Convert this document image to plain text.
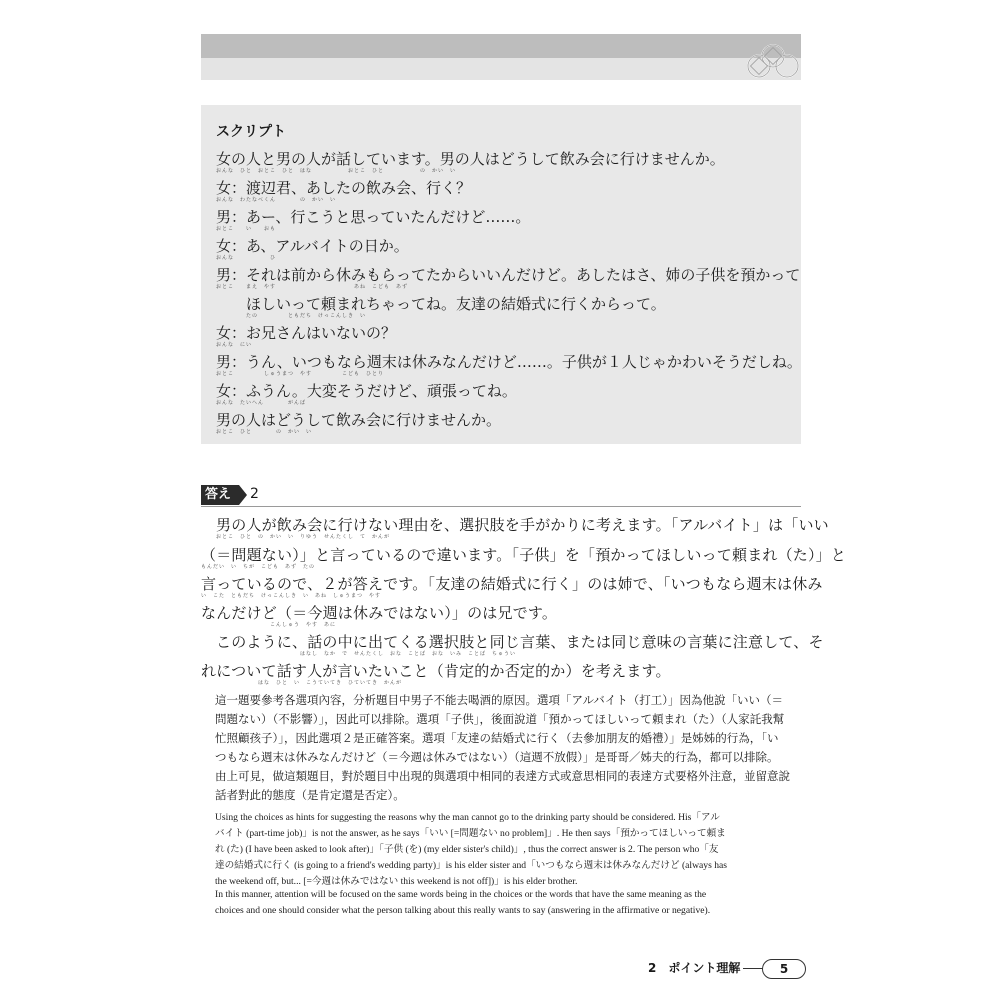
スクリプト
女の人と男の人が話しています。男の人はどうして飲み会に行けませんか。
おんな　ひと　おとこ　ひと　はな　　　　　　おとこ　ひと　　　　　　の　かい　い
女：渡辺君、あしたの飲み会、行く？
おんな　わたなべくん　　　　の　かい　い
男：あー、行こうと思っていたんだけど……。
おとこ　　い　　おも
女：あ、アルバイトの日か。
おんな　　　　　　ひ
男：それは前から休みもらってたからいいんだけど。あしたはさ、姉の子供を預かって
おとこ　　まえ　やす　　　　　　　　　　　　　あね　こども　あず
ほしいって頼まれちゃってね。友達の結婚式に行くからって。
たの　　　　　ともだち　けっこんしき　い
女：お兄さんはいないの？
おんな　にい
男：うん、いつもなら週末は休みなんだけど……。子供が１人じゃかわいそうだしね。
おとこ　　　　　しゅうまつ　やす　　　　　こども　ひとり
女：ふうん。大変そうだけど、頑張ってね。
おんな　たいへん　　　　がんば
男の人はどうして飲み会に行けませんか。
おとこ　ひと　　　　の　かい　い
答え	2
男の人が飲み会に行けない理由を、選択肢を手がかりに考えます。「アルバイト」は「いい
おとこ　ひと　の　かい　い　りゆう　せんたくし　て　かんが
（＝問題ない）」と言っているので違います。「子供」を「預かってほしいって頼まれ（た）」と
もんだい　い　ちが　こども　あず　たの
言っているので、２が答えです。「友達の結婚式に行く」のは姉で、「いつもなら週末は休み
い　こた　ともだち　けっこんしき　い　あね　しゅうまつ　やす
なんだけど（＝今週は休みではない）」のは兄です。
こんしゅう　やす　あに
このように、話の中に出てくる選択肢と同じ言葉、または同じ意味の言葉に注意して、そ
はなし　なか　で　せんたくし　おな　ことば　おな　いみ　ことば　ちゅうい
れについて話す人が言いたいこと（肯定的か否定的か）を考えます。
はな　ひと　い　こうていてき　ひていてき　かんが
這一題要參考各選項內容，分析題目中男子不能去喝酒的原因。選項「アルバイト（打工）」因為他說「いい（＝
問題ない）（不影響）」，因此可以排除。選項「子供」，後面說道「預かってほしいって頼まれ（た）（人家託我幫
忙照顧孩子）」，因此選項２是正確答案。選項「友達の結婚式に行く（去參加朋友的婚禮）」是姊姊的行為，「い
つもなら週末は休みなんだけど（＝今週は休みではない）（這週不放假）」是哥哥／姊夫的行為，都可以排除。
由上可見，做這類題目，對於題目中出現的與選項中相同的表達方式或意思相同的表達方式要格外注意，並留意說
話者對此的態度（是肯定還是否定）。
Using the choices as hints for suggesting the reasons why the man cannot go to the drinking party should be considered. His「アル
バイト (part-time job)」is not the answer, as he says「いい [=問題ない no problem]」. He then says「預かってほしいって頼ま
れ (た) (I have been asked to look after)」「子供 (を) (my elder sister's child)」, thus the correct answer is 2. The person who「友
達の結婚式に行く (is going to a friend's wedding party)」is his elder sister and「いつもなら週末は休みなんだけど (always has
the weekend off, but... [=今週は休みではない this weekend is not off])」is his elder brother.
In this manner, attention will be focused on the same words being in the choices or the words that have the same meaning as the
choices and one should consider what the person talking about this really wants to say (answering in the affirmative or negative).
2　ポイント理解	5
